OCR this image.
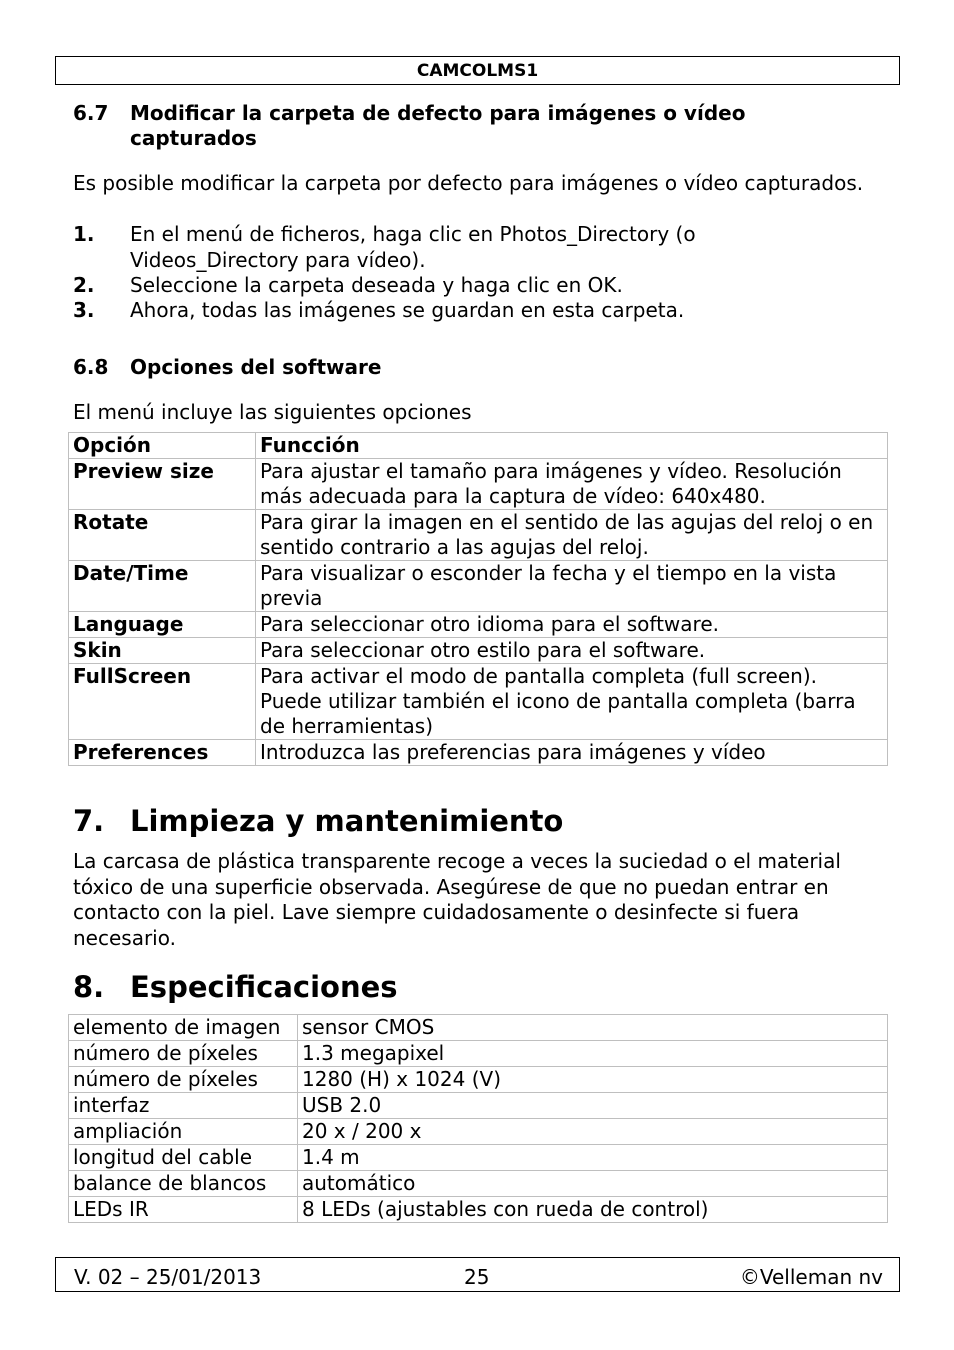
CAMCOLMS1
6.7 Modificar la carpeta de defecto para imágenes o vídeo capturados
Es posible modificar la carpeta por defecto para imágenes o vídeo capturados.
1. En el menú de ficheros, haga clic en Photos_Directory (o Videos_Directory para vídeo).
2. Seleccione la carpeta deseada y haga clic en OK.
3. Ahora, todas las imágenes se guardan en esta carpeta.
6.8 Opciones del software
El menú incluye las siguientes opciones
Opción	Funcción
Preview size	Para ajustar el tamaño para imágenes y vídeo. Resolución más adecuada para la captura de vídeo: 640x480.
Rotate	Para girar la imagen en el sentido de las agujas del reloj o en sentido contrario a las agujas del reloj.
Date/Time	Para visualizar o esconder la fecha y el tiempo en la vista previa
Language	Para seleccionar otro idioma para el software.
Skin	Para seleccionar otro estilo para el software.
FullScreen	Para activar el modo de pantalla completa (full screen). Puede utilizar también el icono de pantalla completa (barra de herramientas)
Preferences	Introduzca las preferencias para imágenes y vídeo
7. Limpieza y mantenimiento
La carcasa de plástica transparente recoge a veces la suciedad o el material tóxico de una superficie observada. Asegúrese de que no puedan entrar en contacto con la piel. Lave siempre cuidadosamente o desinfecte si fuera necesario.
8. Especificaciones
elemento de imagen	sensor CMOS
número de píxeles	1.3 megapixel
número de píxeles	1280 (H) x 1024 (V)
interfaz	USB 2.0
ampliación	20 x / 200 x
longitud del cable	1.4 m
balance de blancos	automático
LEDs IR	8 LEDs (ajustables con rueda de control)
V. 02 – 25/01/2013	25	©Velleman nv
